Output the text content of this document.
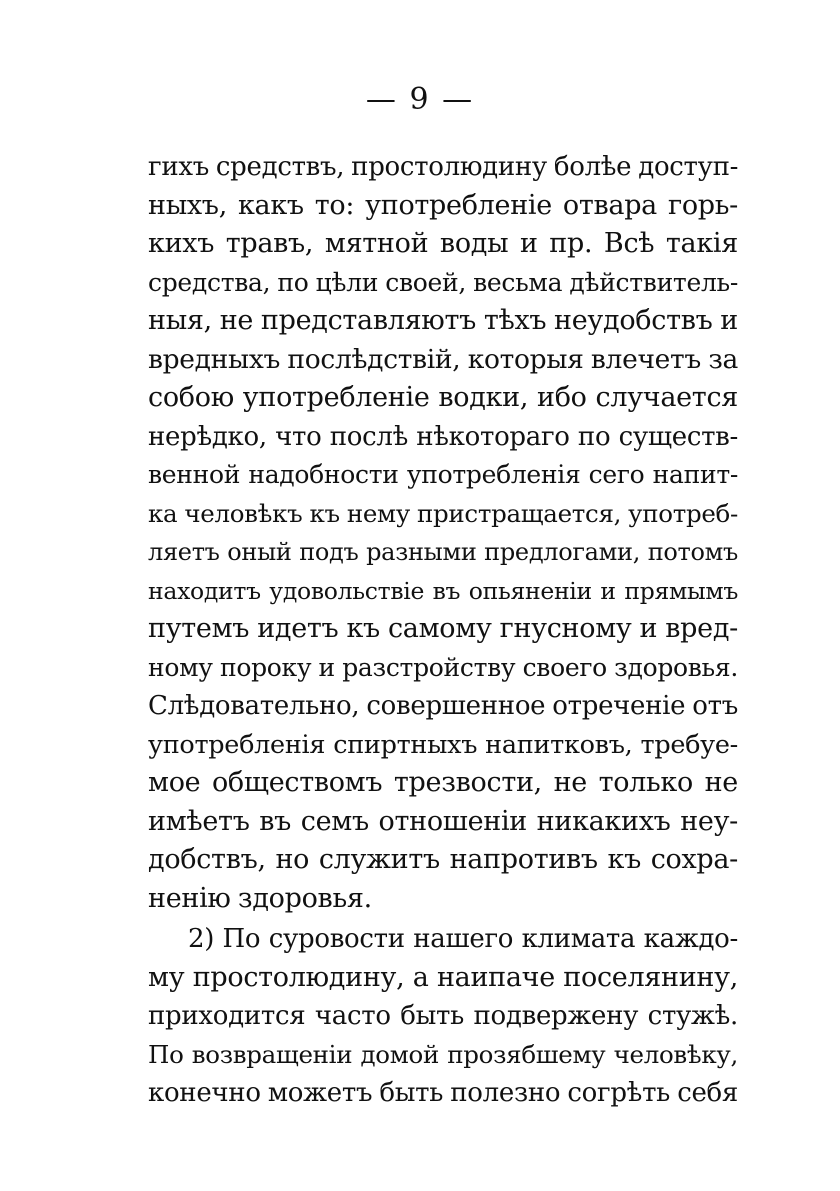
— 9 —
гихъ средствъ, простолюдину болѣе доступ-
ныхъ, какъ то: употребленіе отвара горь-
кихъ травъ, мятной воды и пр. Всѣ такія
средства, по цѣли своей, весьма дѣйствитель-
ныя, не представляютъ тѣхъ неудобствъ и
вредныхъ послѣдствій, которыя влечетъ за
собою употребленіе водки, ибо случается
нерѣдко, что послѣ нѣкотораго по существ-
венной надобности употребленія сего напит-
ка человѣкъ къ нему пристращается, употреб-
ляетъ оный подъ разными предлогами, потомъ
находитъ удовольствіе въ опьяненіи и прямымъ
путемъ идетъ къ самому гнусному и вред-
ному пороку и разстройству своего здоровья.
Слѣдовательно, совершенное отреченіе отъ
употребленія спиртныхъ напитковъ, требуе-
мое обществомъ трезвости, не только не
имѣетъ въ семъ отношеніи никакихъ неу-
добствъ, но служитъ напротивъ къ сохра-
ненію здоровья.
2) По суровости нашего климата каждо-
му простолюдину, а наипаче поселянину,
приходится часто быть подвержену стужѣ.
По возвращеніи домой прозябшему человѣку,
конечно можетъ быть полезно согрѣть себя
